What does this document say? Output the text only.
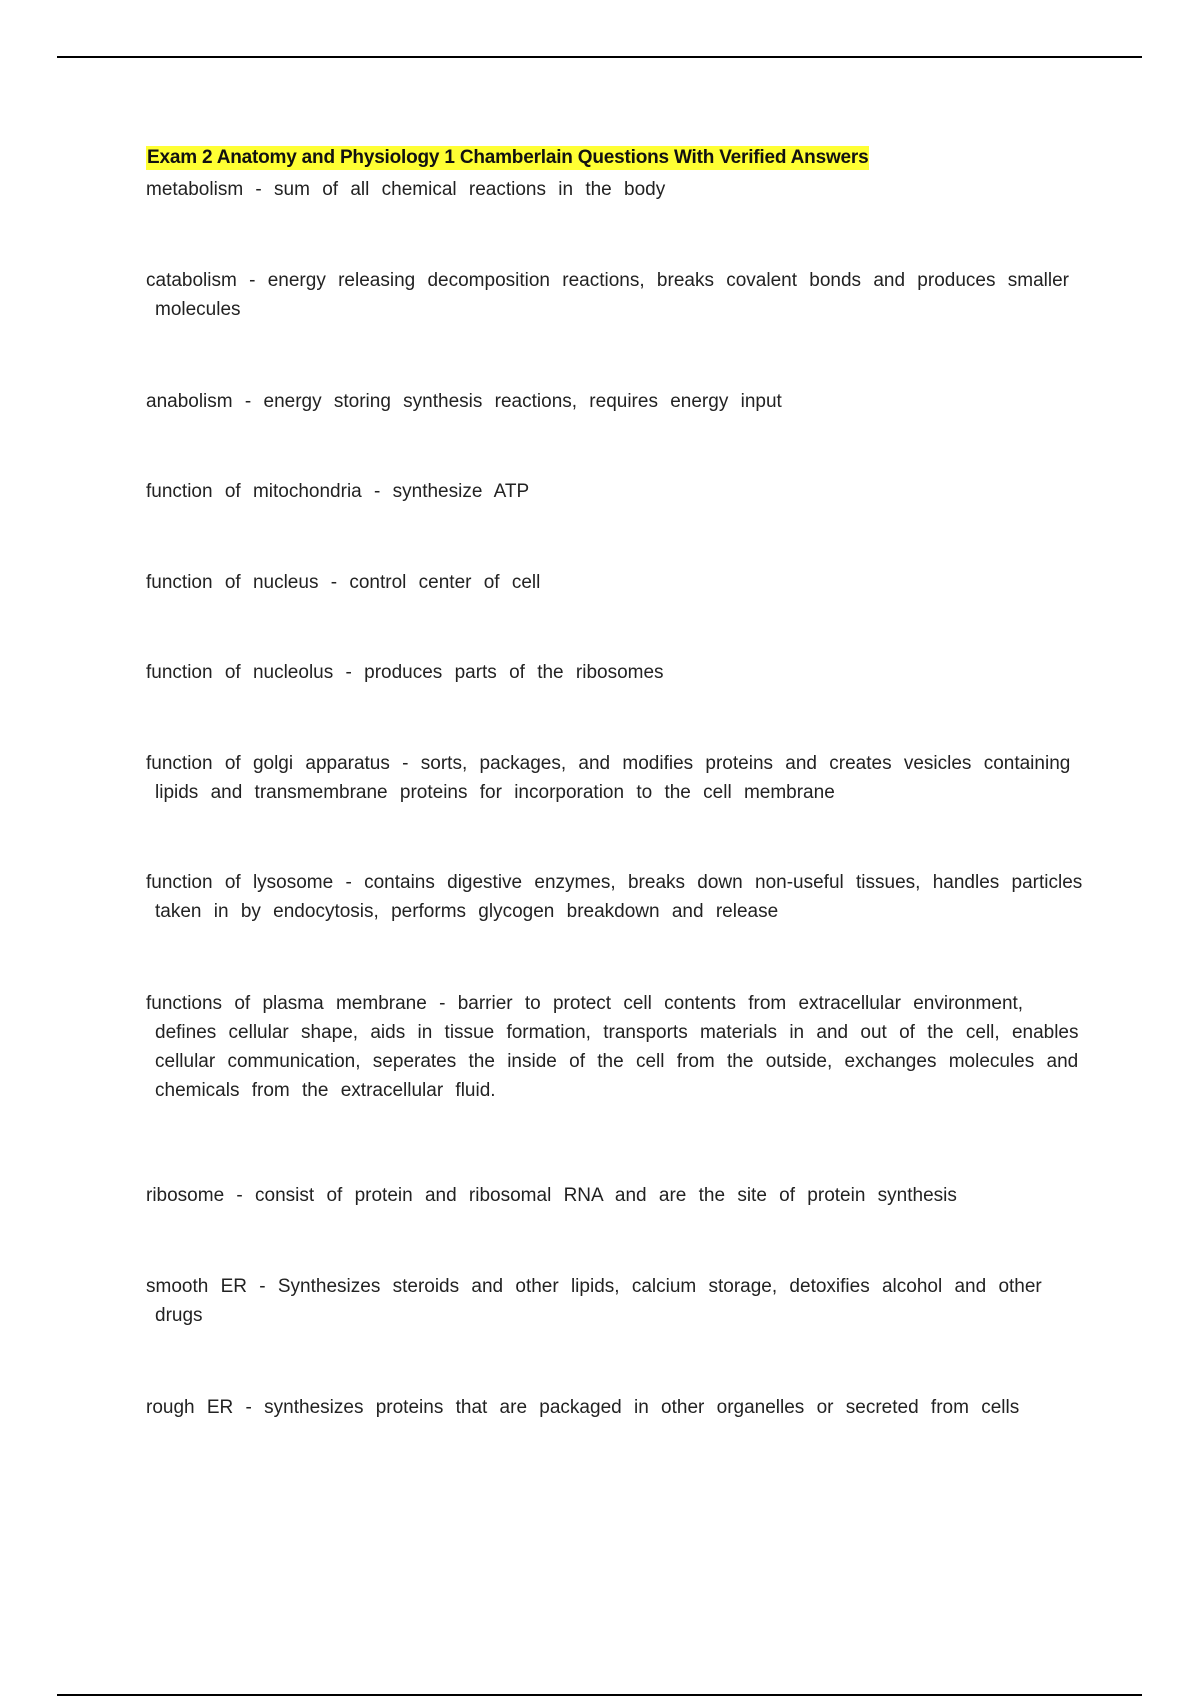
Exam 2 Anatomy and Physiology 1 Chamberlain Questions With Verified Answers
metabolism - sum of all chemical reactions in the body
catabolism - energy releasing decomposition reactions, breaks covalent bonds and produces smaller molecules
anabolism - energy storing synthesis reactions, requires energy input
function of mitochondria - synthesize ATP
function of nucleus - control center of cell
function of nucleolus - produces parts of the ribosomes
function of golgi apparatus - sorts, packages, and modifies proteins and creates vesicles containing lipids and transmembrane proteins for incorporation to the cell membrane
function of lysosome - contains digestive enzymes, breaks down non-useful tissues, handles particles taken in by endocytosis, performs glycogen breakdown and release
functions of plasma membrane - barrier to protect cell contents from extracellular environment, defines cellular shape, aids in tissue formation, transports materials in and out of the cell, enables cellular communication, seperates the inside of the cell from the outside, exchanges molecules and chemicals from the extracellular fluid.
ribosome - consist of protein and ribosomal RNA and are the site of protein synthesis
smooth ER - Synthesizes steroids and other lipids, calcium storage, detoxifies alcohol and other drugs
rough ER - synthesizes proteins that are packaged in other organelles or secreted from cells
